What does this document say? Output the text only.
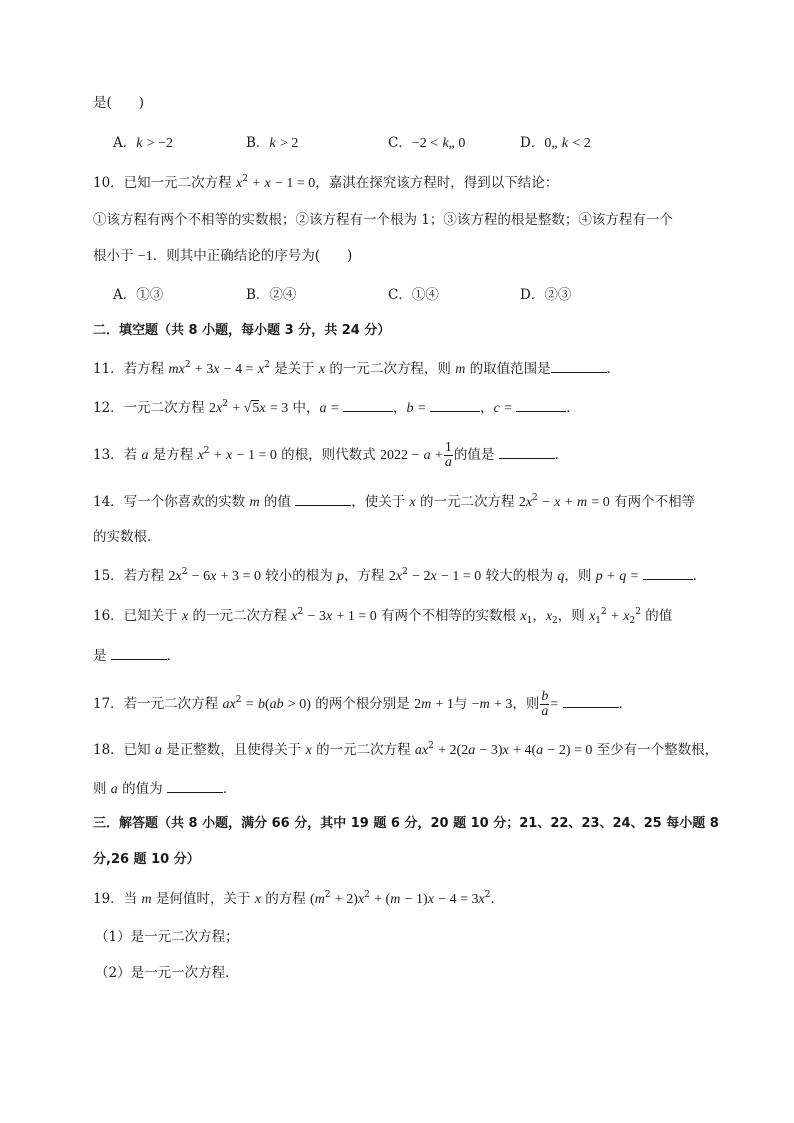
是(　　)
A．k > −2	B．k > 2	C．−2 < k„ 0	D．0„ k < 2
10．已知一元二次方程 $x^2 + x - 1 = 0$，嘉淇在探究该方程时，得到以下结论：
①该方程有两个不相等的实数根；②该方程有一个根为 1；③该方程的根是整数；④该方程有一个
根小于 −1．则其中正确结论的序号为(　　)
A．①③	B．②④	C．①④	D．②③
二．填空题（共 8 小题，每小题 3 分，共 24 分）
11．若方程 $mx^2 + 3x - 4 = x^2$ 是关于 x 的一元二次方程，则 m 的取值范围是	．
12．一元二次方程 $2x^2 + √5x = 3$ 中，a =	，b =	，c =	．
13．若 a 是方程 $x^2 + x - 1 = 0$ 的根，则代数式 $2022 - a + \frac{1}{a}$ 的值是	．
14．写一个你喜欢的实数 m 的值	，使关于 x 的一元二次方程 $2x^2 - x + m = 0$ 有两个不相等
的实数根．
15．若方程 $2x^2 - 6x + 3 = 0$ 较小的根为 p，方程 $2x^2 - 2x - 1 = 0$ 较大的根为 q，则 p + q =	．
16．已知关于 x 的一元二次方程 $x^2 - 3x + 1 = 0$ 有两个不相等的实数根 $x_1$，$x_2$，则 $x_1^2 + x_2^2$ 的值
是	．
17．若一元二次方程 $ax^2 = b(ab > 0)$ 的两个根分别是 2m + 1与 −m + 3，则 $\frac{b}{a}$ =	．
18．已知 a 是正整数，且使得关于 x 的一元二次方程 $ax^2 + 2(2a - 3)x + 4(a - 2) = 0$ 至少有一个整数根，
则 a 的值为	．
三．解答题（共 8 小题，满分 66 分，其中 19 题 6 分，20 题 10 分；21、22、23、24、25 每小题 8
分,26 题 10 分）
19．当 m 是何值时，关于 x 的方程 $(m^2 + 2)x^2 + (m - 1)x - 4 = 3x^2$．
（1）是一元二次方程；
（2）是一元一次方程．
